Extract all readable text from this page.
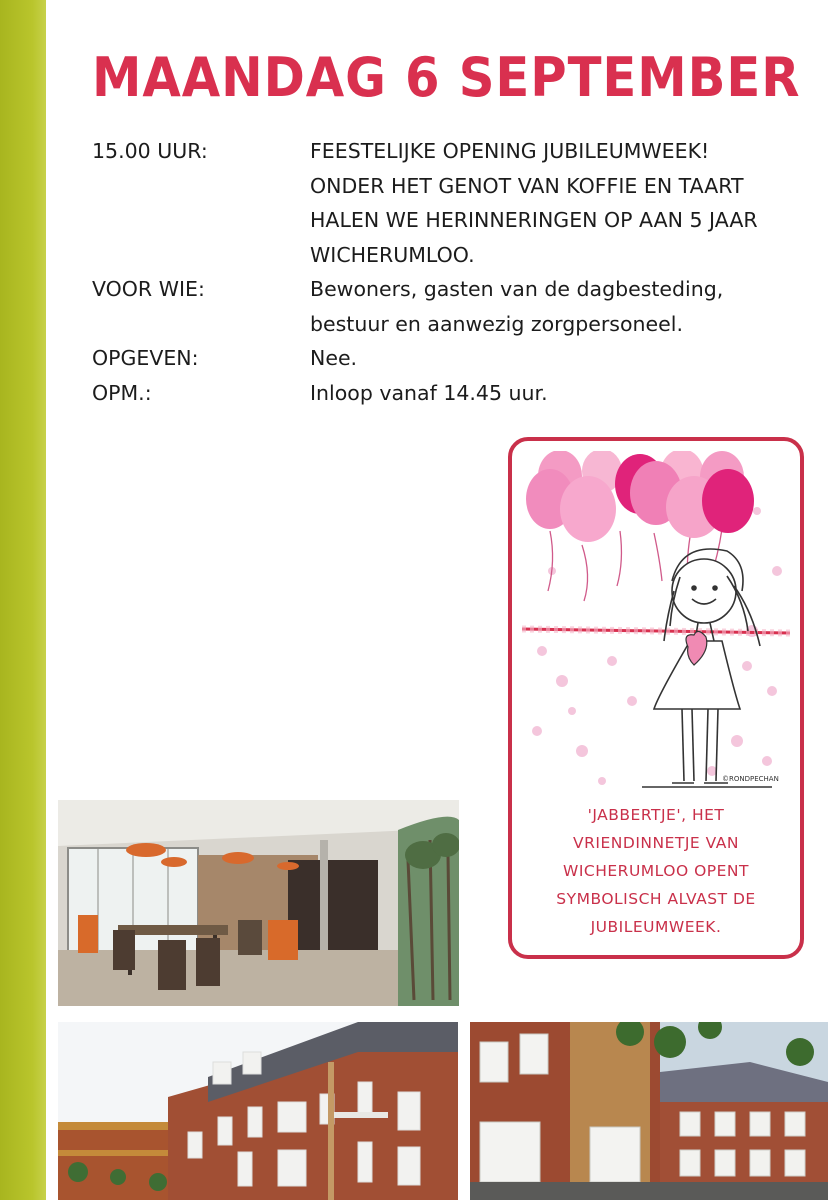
MAANDAG 6 SEPTEMBER
15.00 UUR:	FEESTELIJKE OPENING JUBILEUMWEEK!
ONDER HET GENOT VAN KOFFIE EN TAART
HALEN WE HERINNERINGEN OP AAN 5 JAAR
WICHERUMLOO.
VOOR WIE:	Bewoners, gasten van de dagbesteding,
bestuur en aanwezig zorgpersoneel.
OPGEVEN:	Nee.
OPM.:	Inloop vanaf 14.45 uur.
©RONDPECHAN
'JABBERTJE', HET
VRIENDINNETJE VAN
WICHERUMLOO OPENT
SYMBOLISCH ALVAST DE
JUBILEUMWEEK.
